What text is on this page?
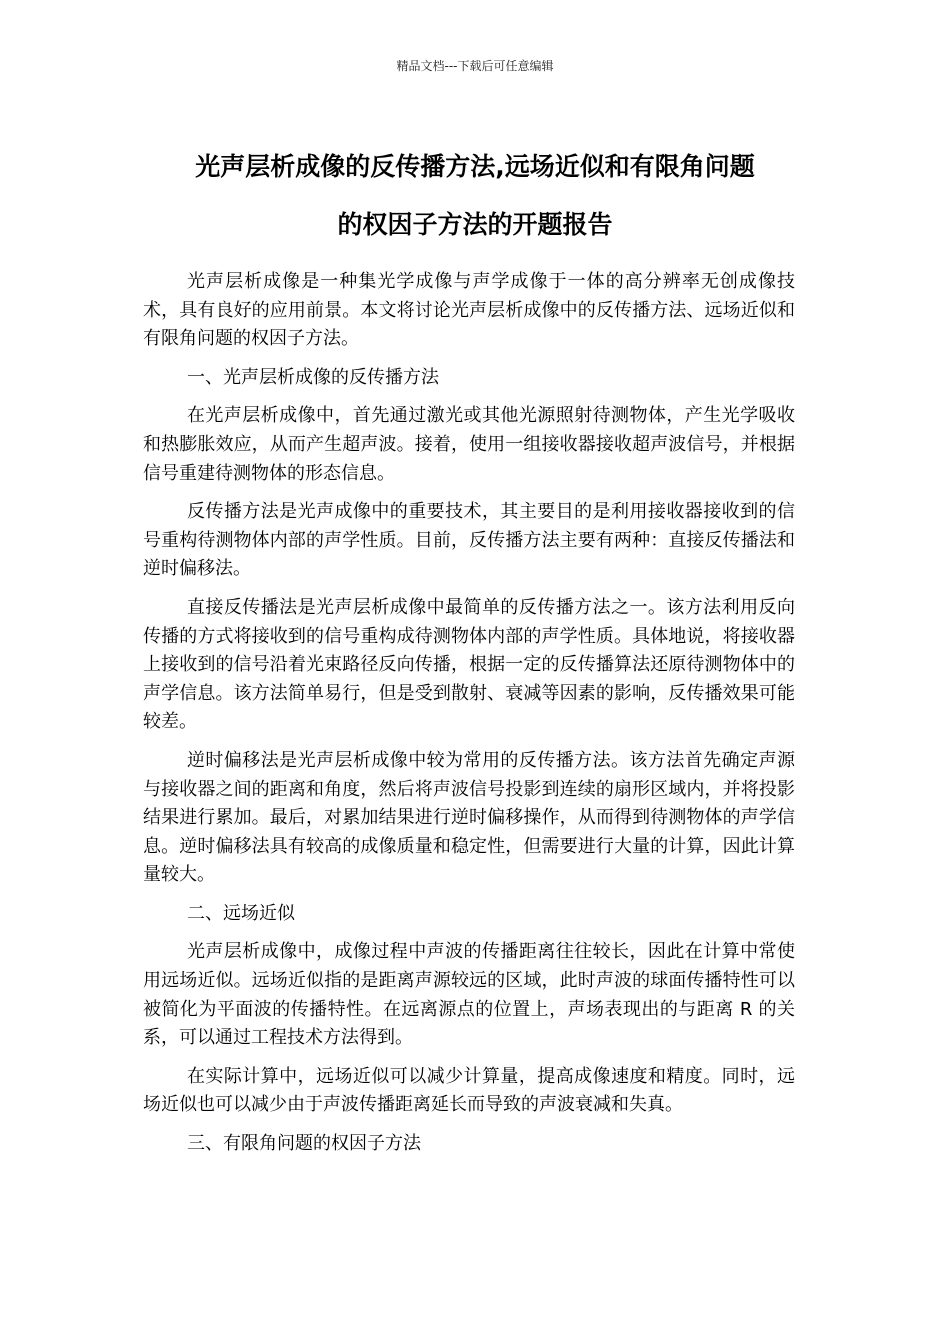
精品文档---下载后可任意编辑
光声层析成像的反传播方法,远场近似和有限角问题
的权因子方法的开题报告

光声层析成像是一种集光学成像与声学成像于一体的高分辨率无创成像技术，具有良好的应用前景。本文将讨论光声层析成像中的反传播方法、远场近似和有限角问题的权因子方法。

一、光声层析成像的反传播方法

在光声层析成像中，首先通过激光或其他光源照射待测物体，产生光学吸收和热膨胀效应，从而产生超声波。接着，使用一组接收器接收超声波信号，并根据信号重建待测物体的形态信息。

反传播方法是光声成像中的重要技术，其主要目的是利用接收器接收到的信号重构待测物体内部的声学性质。目前，反传播方法主要有两种：直接反传播法和逆时偏移法。

直接反传播法是光声层析成像中最简单的反传播方法之一。该方法利用反向传播的方式将接收到的信号重构成待测物体内部的声学性质。具体地说，将接收器上接收到的信号沿着光束路径反向传播，根据一定的反传播算法还原待测物体中的声学信息。该方法简单易行，但是受到散射、衰减等因素的影响，反传播效果可能较差。

逆时偏移法是光声层析成像中较为常用的反传播方法。该方法首先确定声源与接收器之间的距离和角度，然后将声波信号投影到连续的扇形区域内，并将投影结果进行累加。最后，对累加结果进行逆时偏移操作，从而得到待测物体的声学信息。逆时偏移法具有较高的成像质量和稳定性，但需要进行大量的计算，因此计算量较大。

二、远场近似

光声层析成像中，成像过程中声波的传播距离往往较长，因此在计算中常使用远场近似。远场近似指的是距离声源较远的区域，此时声波的球面传播特性可以被简化为平面波的传播特性。在远离源点的位置上，声场表现出的与距离 R 的关系，可以通过工程技术方法得到。

在实际计算中，远场近似可以减少计算量，提高成像速度和精度。同时，远场近似也可以减少由于声波传播距离延长而导致的声波衰减和失真。

三、有限角问题的权因子方法
